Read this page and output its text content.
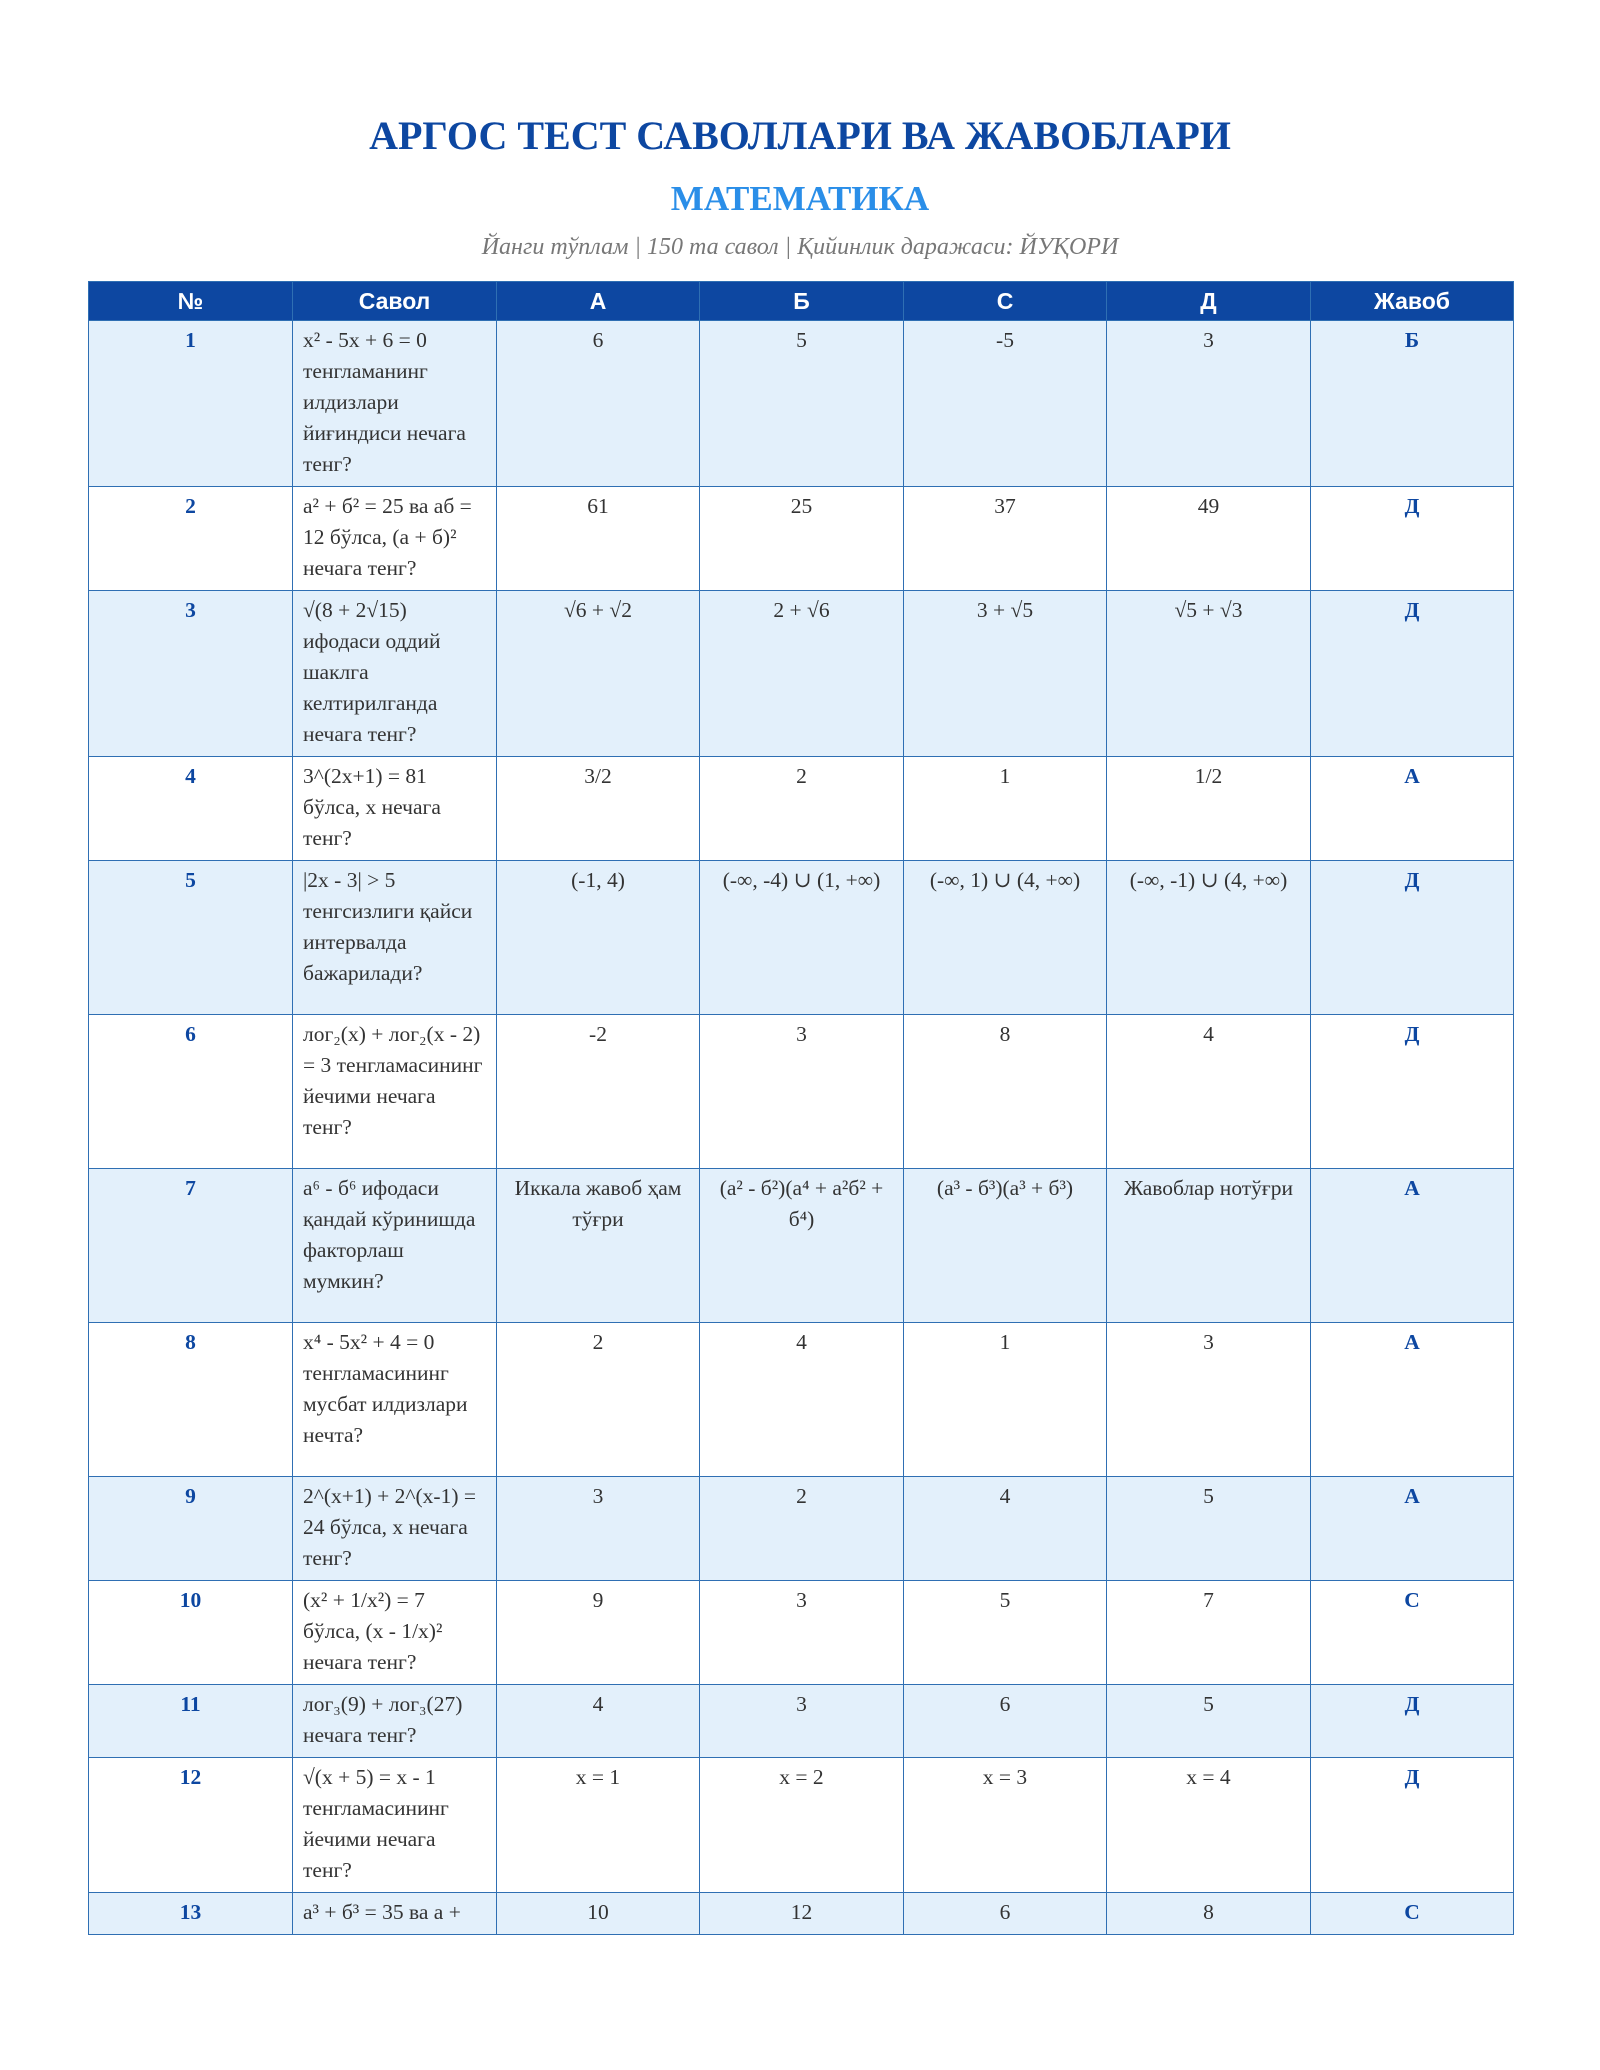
АРГОС ТЕСТ САВОЛЛАРИ ВА ЖАВОБЛАРИ
МАТЕМАТИКА

Йанги тўплам | 150 та савол | Қийинлик даражаси: ЙУҚОРИ

№	Савол	А	Б	С	Д	Жавоб
1	x² - 5x + 6 = 0 тенгламанинг илдизлари йиғиндиси нечага тенг?	6	5	-5	3	Б
2	a² + б² = 25 ва аб = 12 бўлса, (a + б)² нечага тенг?	61	25	37	49	Д
3	√(8 + 2√15) ифодаси оддий шаклга келтирилганда нечага тенг?	√6 + √2	2 + √6	3 + √5	√5 + √3	Д
4	3^(2x+1) = 81 бўлса, x нечага тенг?	3/2	2	1	1/2	А
5	|2x - 3| > 5 тенгсизлиги қайси интервалда бажарилади?	(-1, 4)	(-∞, -4) ∪ (1, +∞)	(-∞, 1) ∪ (4, +∞)	(-∞, -1) ∪ (4, +∞)	Д
6	лог₂(x) + лог₂(x - 2) = 3 тенгламасининг йечими нечага тенг?	-2	3	8	4	Д
7	a⁶ - б⁶ ифодаси қандай кўринишда факторлаш мумкин?	Иккала жавоб ҳам тўғри	(a² - б²)(a⁴ + a²б² + б⁴)	(a³ - б³)(a³ + б³)	Жавоблар нотўғри	А
8	x⁴ - 5x² + 4 = 0 тенгламасининг мусбат илдизлари нечта?	2	4	1	3	А
9	2^(x+1) + 2^(x-1) = 24 бўлса, x нечага тенг?	3	2	4	5	А
10	(x² + 1/x²) = 7 бўлса, (x - 1/x)² нечага тенг?	9	3	5	7	С
11	лог₃(9) + лог₃(27) нечага тенг?	4	3	6	5	Д
12	√(x + 5) = x - 1 тенгламасининг йечими нечага тенг?	x = 1	x = 2	x = 3	x = 4	Д
13	a³ + б³ = 35 ва a +	10	12	6	8	С
